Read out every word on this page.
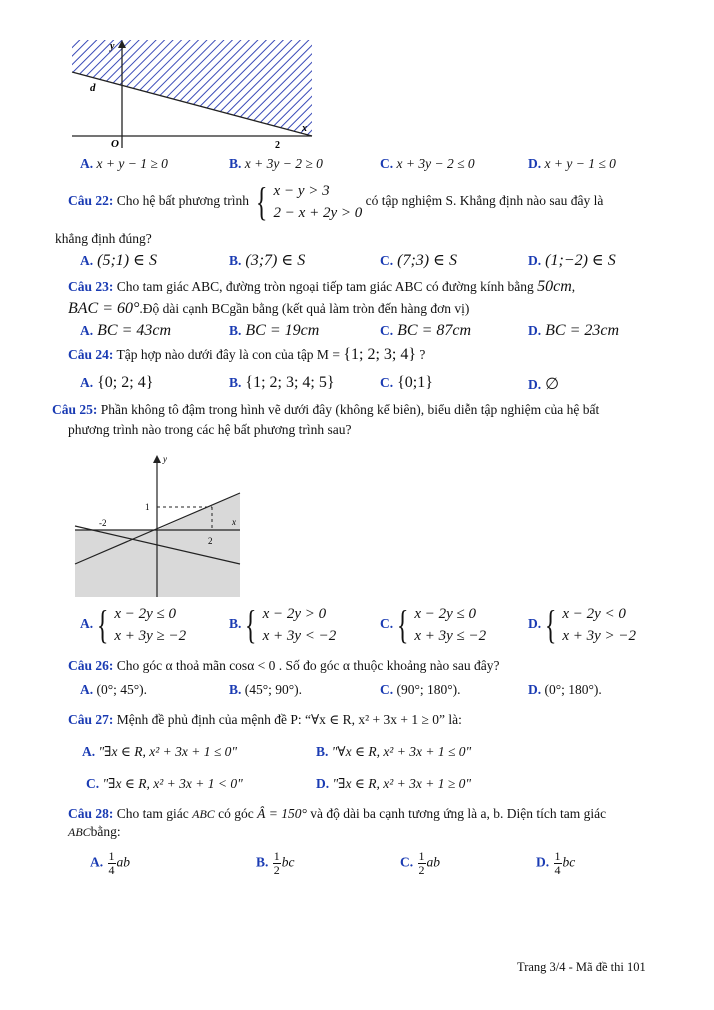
y
d
O
x
2
A. x + y − 1 ≥ 0	B. x + 3y − 2 ≥ 0	C. x + 3y − 2 ≤ 0	D. x + y − 1 ≤ 0
Câu 22: Cho hệ bất phương trình { x − y > 3
2 − x + 2y > 0
có tập nghiệm S. Khẳng định nào sau đây là
khẳng định đúng?
A. (5;1) ∈ S	B. (3;7) ∈ S	C. (7;3) ∈ S	D. (1;−2) ∈ S
Câu 23: Cho tam giác ABC, đường tròn ngoại tiếp tam giác ABC có đường kính bằng 50cm,
BAC = 60°.Độ dài cạnh BCgần bằng (kết quả làm tròn đến hàng đơn vị)
A. BC = 43cm	B. BC = 19cm	C. BC = 87cm	D. BC = 23cm
Câu 24: Tập hợp nào dưới đây là con của tập M = {1; 2; 3; 4} ?
A. {0; 2; 4}	B. {1; 2; 3; 4; 5}	C. {0;1}	D. ∅
Câu 25: Phần không tô đậm trong hình vẽ dưới đây (không kể biên), biểu diễn tập nghiệm của hệ bất
phương trình nào trong các hệ bất phương trình sau?
y
x
1
-2
2
A. { x − 2y ≤ 0
x + 3y ≥ −2
B. { x − 2y > 0
x + 3y < −2
C. { x − 2y ≤ 0
x + 3y ≤ −2
D. { x − 2y < 0
x + 3y > −2
Câu 26: Cho góc α thoả mãn cosα < 0 . Số đo góc α thuộc khoảng nào sau đây?
A. (0°; 45°).	B. (45°; 90°).	C. (90°; 180°).	D. (0°; 180°).
Câu 27: Mệnh đề phủ định của mệnh đề P: “∀x ∈ R, x² + 3x + 1 ≥ 0” là:
A. "∃x ∈ R, x² + 3x + 1 ≤ 0"	B. "∀x ∈ R, x² + 3x + 1 ≤ 0"
C. "∃x ∈ R, x² + 3x + 1 < 0"	D. "∃x ∈ R, x² + 3x + 1 ≥ 0"
Câu 28: Cho tam giác ABC có góc Â = 150° và độ dài ba cạnh tương ứng là a, b. Diện tích tam giác
ABCbằng:
A. $\frac{1}{4}$ ab	B. $\frac{1}{2}$ bc	C. $\frac{1}{2}$ ab	D. $\frac{1}{4}$ bc
Trang 3/4 - Mã đề thi 101
